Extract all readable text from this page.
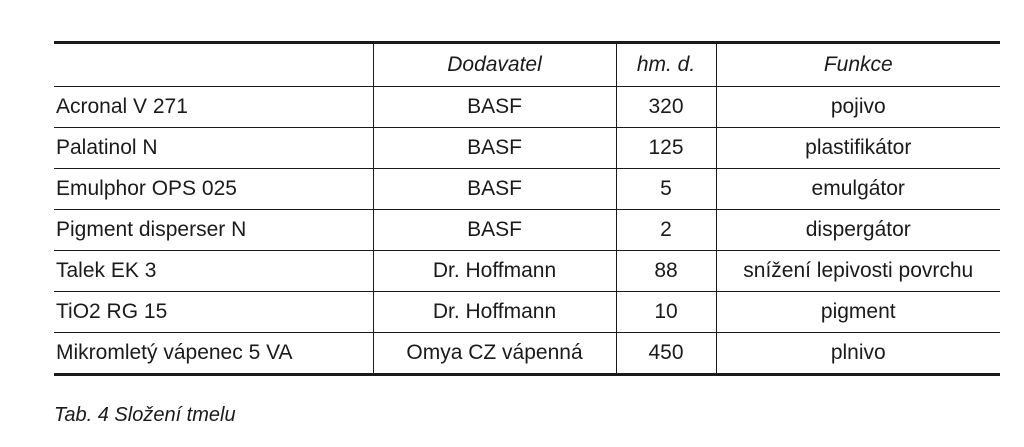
	Dodavatel	hm. d.	Funkce
Acronal V 271	BASF	320	pojivo
Palatinol N	BASF	125	plastifikátor
Emulphor OPS 025	BASF	5	emulgátor
Pigment disperser N	BASF	2	dispergátor
Talek EK 3	Dr. Hoffmann	88	snížení lepivosti povrchu
TiO2 RG 15	Dr. Hoffmann	10	pigment
Mikromletý vápenec 5 VA	Omya CZ vápenná	450	plnivo
Tab. 4 Složení tmelu
